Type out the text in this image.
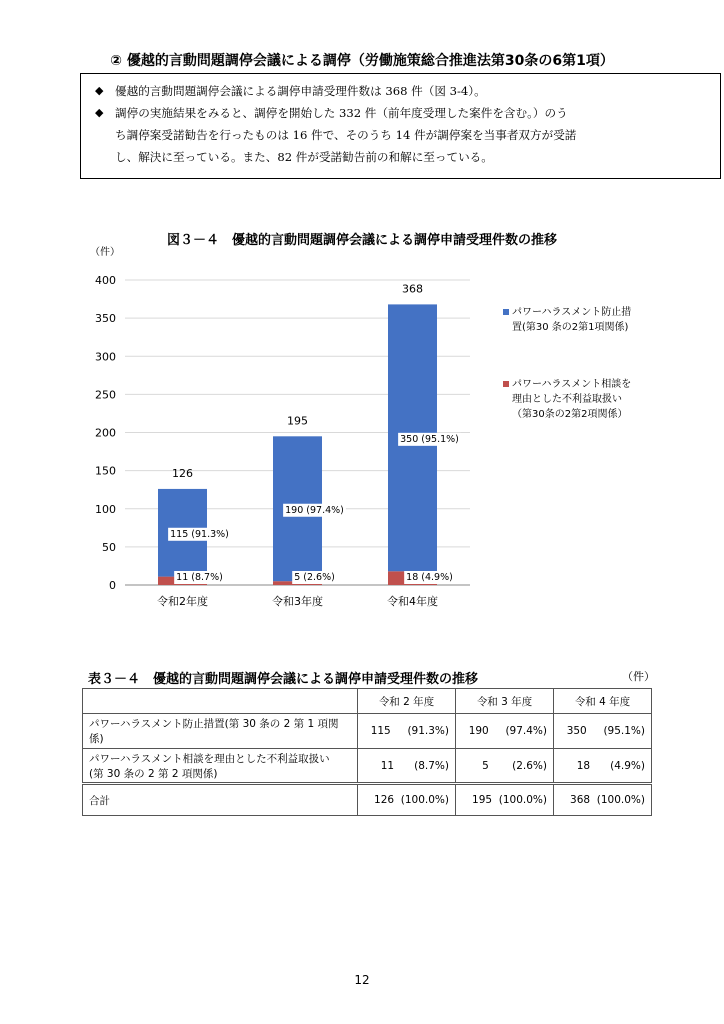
② 優越的言動問題調停会議による調停（労働施策総合推進法第30条の6第1項）
◆ 優越的言動問題調停会議による調停申請受理件数は 368 件（図 3-4）。
◆ 調停の実施結果をみると、調停を開始した 332 件（前年度受理した案件を含む。）のう
ち調停案受諾勧告を行ったものは 16 件で、そのうち 14 件が調停案を当事者双方が受諾
し、解決に至っている。また、82 件が受諾勧告前の和解に至っている。
図３－４　優越的言動問題調停会議による調停申請受理件数の推移
（件）
0
50
100
150
200
250
300
350
400
115 (91.3%)
11 (8.7%)
126
令和2年度
190 (97.4%)
5 (2.6%)
195
令和3年度
350 (95.1%)
18 (4.9%)
368
令和4年度
パワーハラスメント防止措
置(第30 条の2第1項関係)
パワーハラスメント相談を
理由とした不利益取扱い
（第30条の2第2項関係）
表３－４　優越的言動問題調停会議による調停申請受理件数の推移	（件）
	令和 2 年度	令和 3 年度	令和 4 年度
パワーハラスメント防止措置(第 30 条の 2 第 1 項関係)	115 (91.3%)	190 (97.4%)	350 (95.1%)

パワーハラスメント相談を理由とした不利益取扱い
(第 30 条の 2 第 2 項関係)	11 (8.7%)	5 (2.6%)	18 (4.9%)
合計	126 (100.0%)	195 (100.0%)	368 (100.0%)
12
